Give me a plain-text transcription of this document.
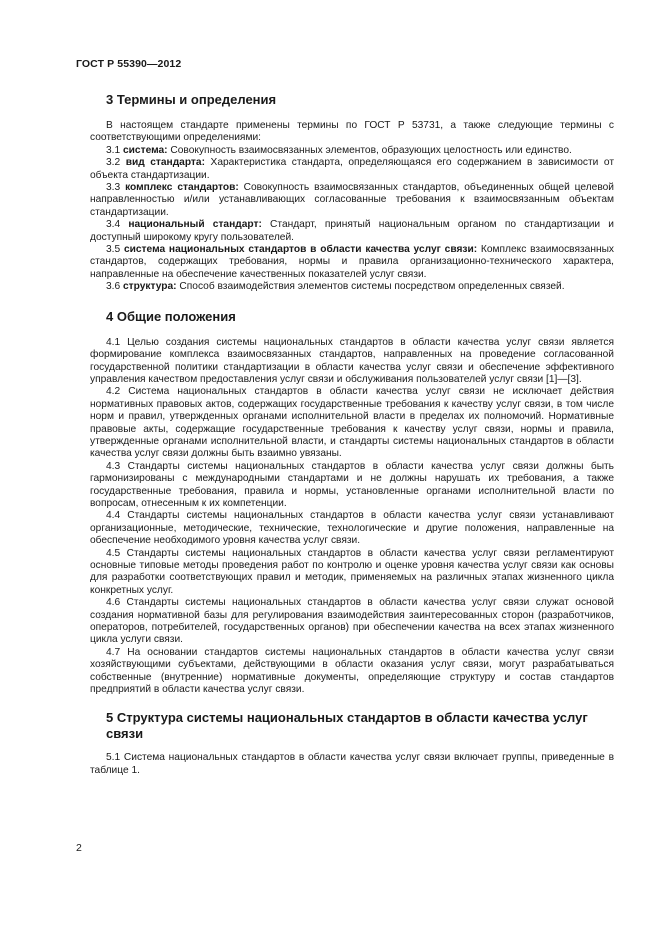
ГОСТ Р 55390—2012
3 Термины и определения

В настоящем стандарте применены термины по ГОСТ Р 53731, а также следующие термины с соответствующими определениями:

3.1 система: Совокупность взаимосвязанных элементов, образующих целостность или единство.

3.2 вид стандарта: Характеристика стандарта, определяющаяся его содержанием в зависимости от объекта стандартизации.

3.3 комплекс стандартов: Совокупность взаимосвязанных стандартов, объединенных общей целевой направленностью и/или устанавливающих согласованные требования к взаимосвязанным объектам стандартизации.

3.4 национальный стандарт: Стандарт, принятый национальным органом по стандартизации и доступный широкому кругу пользователей.

3.5 система национальных стандартов в области качества услуг связи: Комплекс взаимосвязанных стандартов, содержащих требования, нормы и правила организационно-технического характера, направленные на обеспечение качественных показателей услуг связи.

3.6 структура: Способ взаимодействия элементов системы посредством определенных связей.

4 Общие положения

4.1 Целью создания системы национальных стандартов в области качества услуг связи является формирование комплекса взаимосвязанных стандартов, направленных на проведение согласованной государственной политики стандартизации в области качества услуг связи и обеспечение эффективного управления качеством предоставления услуг связи и обслуживания пользователей услуг связи [1]—[3].

4.2 Система национальных стандартов в области качества услуг связи не исключает действия нормативных правовых актов, содержащих государственные требования к качеству услуг связи, в том числе норм и правил, утвержденных органами исполнительной власти в пределах их полномочий. Нормативные правовые акты, содержащие государственные требования к качеству услуг связи, нормы и правила, утвержденные органами исполнительной власти, и стандарты системы национальных стандартов в области качества услуг связи должны быть взаимно увязаны.

4.3 Стандарты системы национальных стандартов в области качества услуг связи должны быть гармонизированы с международными стандартами и не должны нарушать их требования, а также государственные требования, правила и нормы, установленные органами исполнительной власти по вопросам, отнесенным к их компетенции.

4.4 Стандарты системы национальных стандартов в области качества услуг связи устанавливают организационные, методические, технические, технологические и другие положения, направленные на обеспечение необходимого уровня качества услуг связи.

4.5 Стандарты системы национальных стандартов в области качества услуг связи регламентируют основные типовые методы проведения работ по контролю и оценке уровня качества услуг связи как основы для разработки соответствующих правил и методик, применяемых на различных этапах жизненного цикла конкретных услуг.

4.6 Стандарты системы национальных стандартов в области качества услуг связи служат основой создания нормативной базы для регулирования взаимодействия заинтересованных сторон (разработчиков, операторов, потребителей, государственных органов) при обеспечении качества на всех этапах жизненного цикла услуги связи.

4.7 На основании стандартов системы национальных стандартов в области качества услуг связи хозяйствующими субъектами, действующими в области оказания услуг связи, могут разрабатываться собственные (внутренние) нормативные документы, определяющие структуру и состав стандартов предприятий в области качества услуг связи.

5 Структура системы национальных стандартов в области качества услуг связи

5.1 Система национальных стандартов в области качества услуг связи включает группы, приведенные в таблице 1.

2
